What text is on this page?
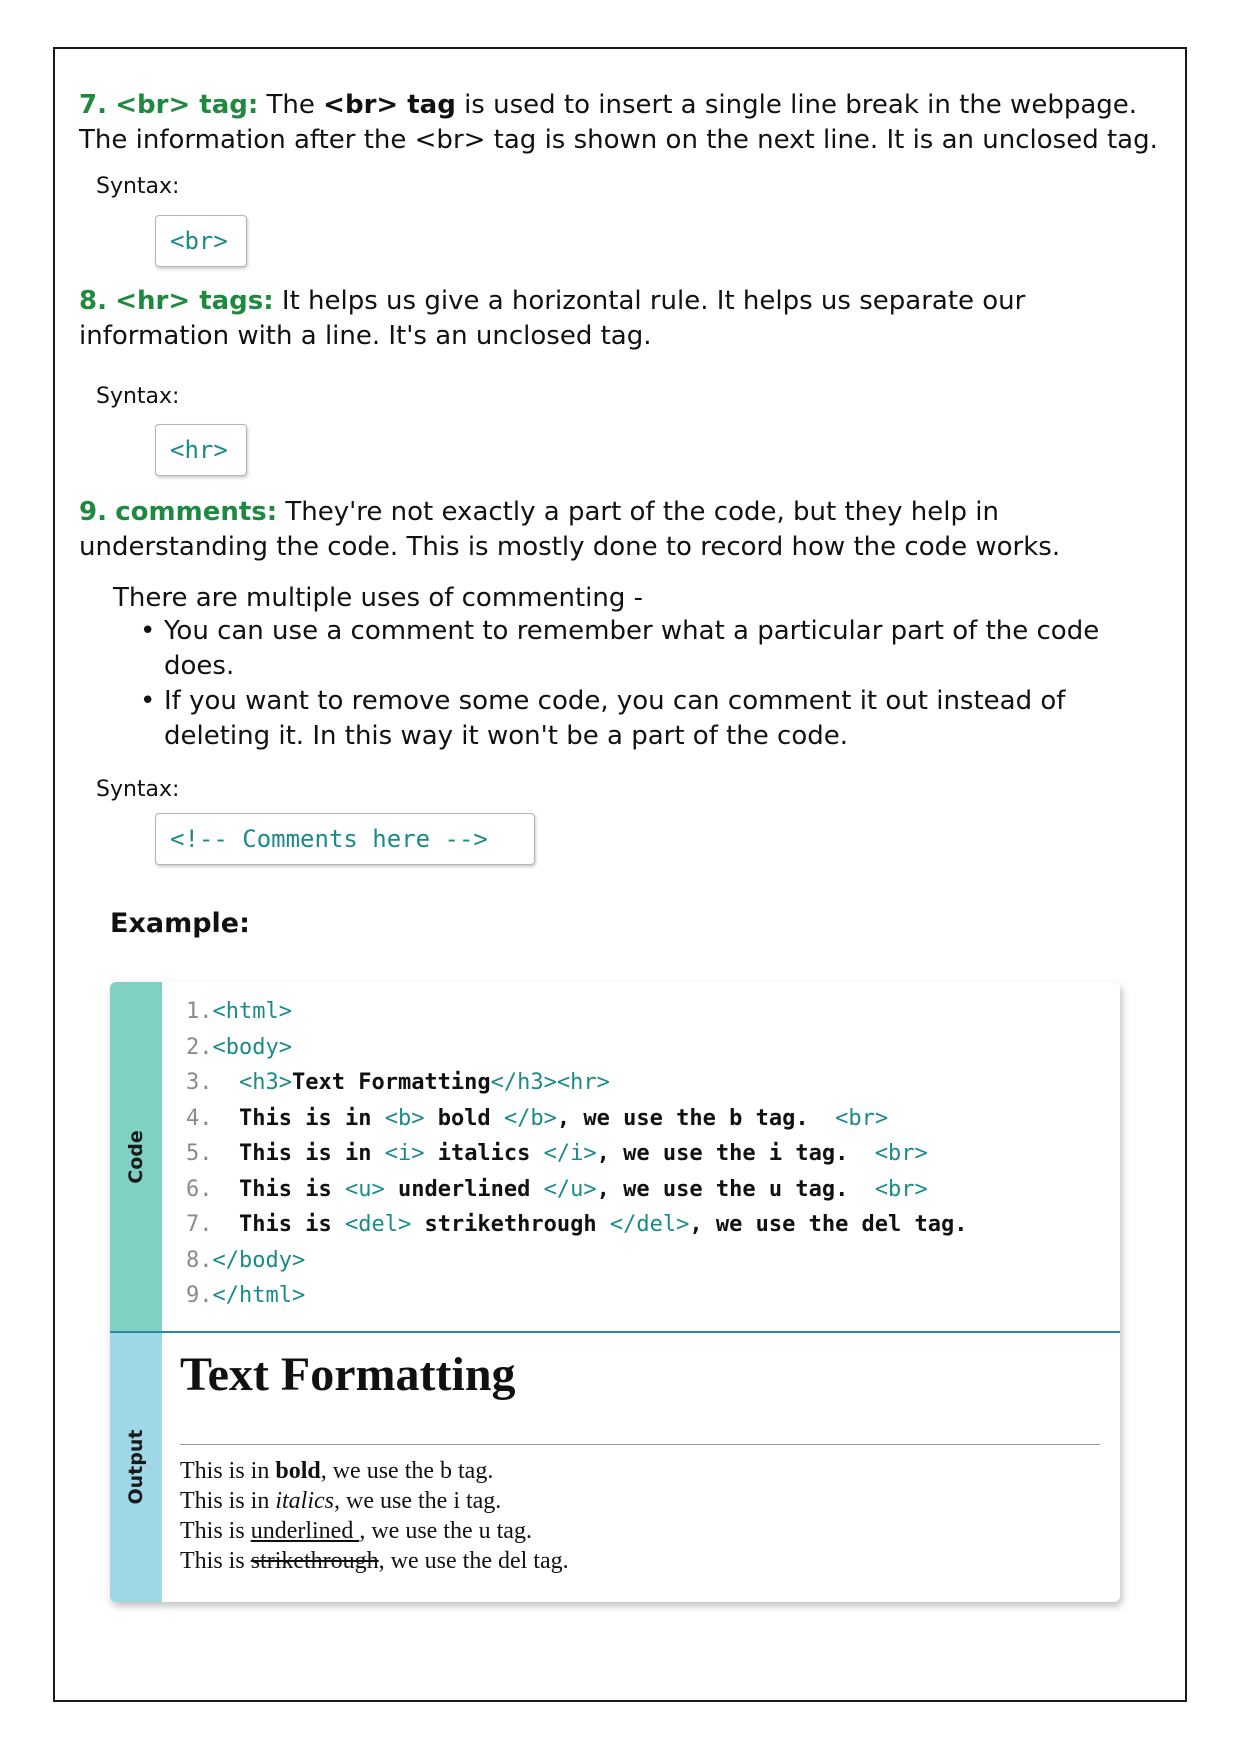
7. <br> tag: The <br> tag is used to insert a single line break in the webpage. The information after the <br> tag is shown on the next line. It is an unclosed tag.

Syntax:
<br>

8. <hr> tags: It helps us give a horizontal rule. It helps us separate our information with a line. It's an unclosed tag.

Syntax:
<hr>

9. comments: They're not exactly a part of the code, but they help in understanding the code. This is mostly done to record how the code works.

There are multiple uses of commenting -

• You can use a comment to remember what a particular part of the code does.
• If you want to remove some code, you can comment it out instead of deleting it. In this way it won't be a part of the code.
Syntax:
<!-- Comments here -->
Example:
Code
Output
1.<html>
2.<body>
3. <h3>Text Formatting</h3><hr>
4. This is in <b> bold </b>, we use the b tag.  <br>
5. This is in <i> italics </i>, we use the i tag.  <br>
6. This is <u> underlined </u>, we use the u tag.  <br>
7. This is <del> strikethrough </del>, we use the del tag.
8.</body>
9.</html>
Text Formatting
This is in bold, we use the b tag.
This is in italics, we use the i tag.
This is underlined , we use the u tag.
This is strikethrough, we use the del tag.
